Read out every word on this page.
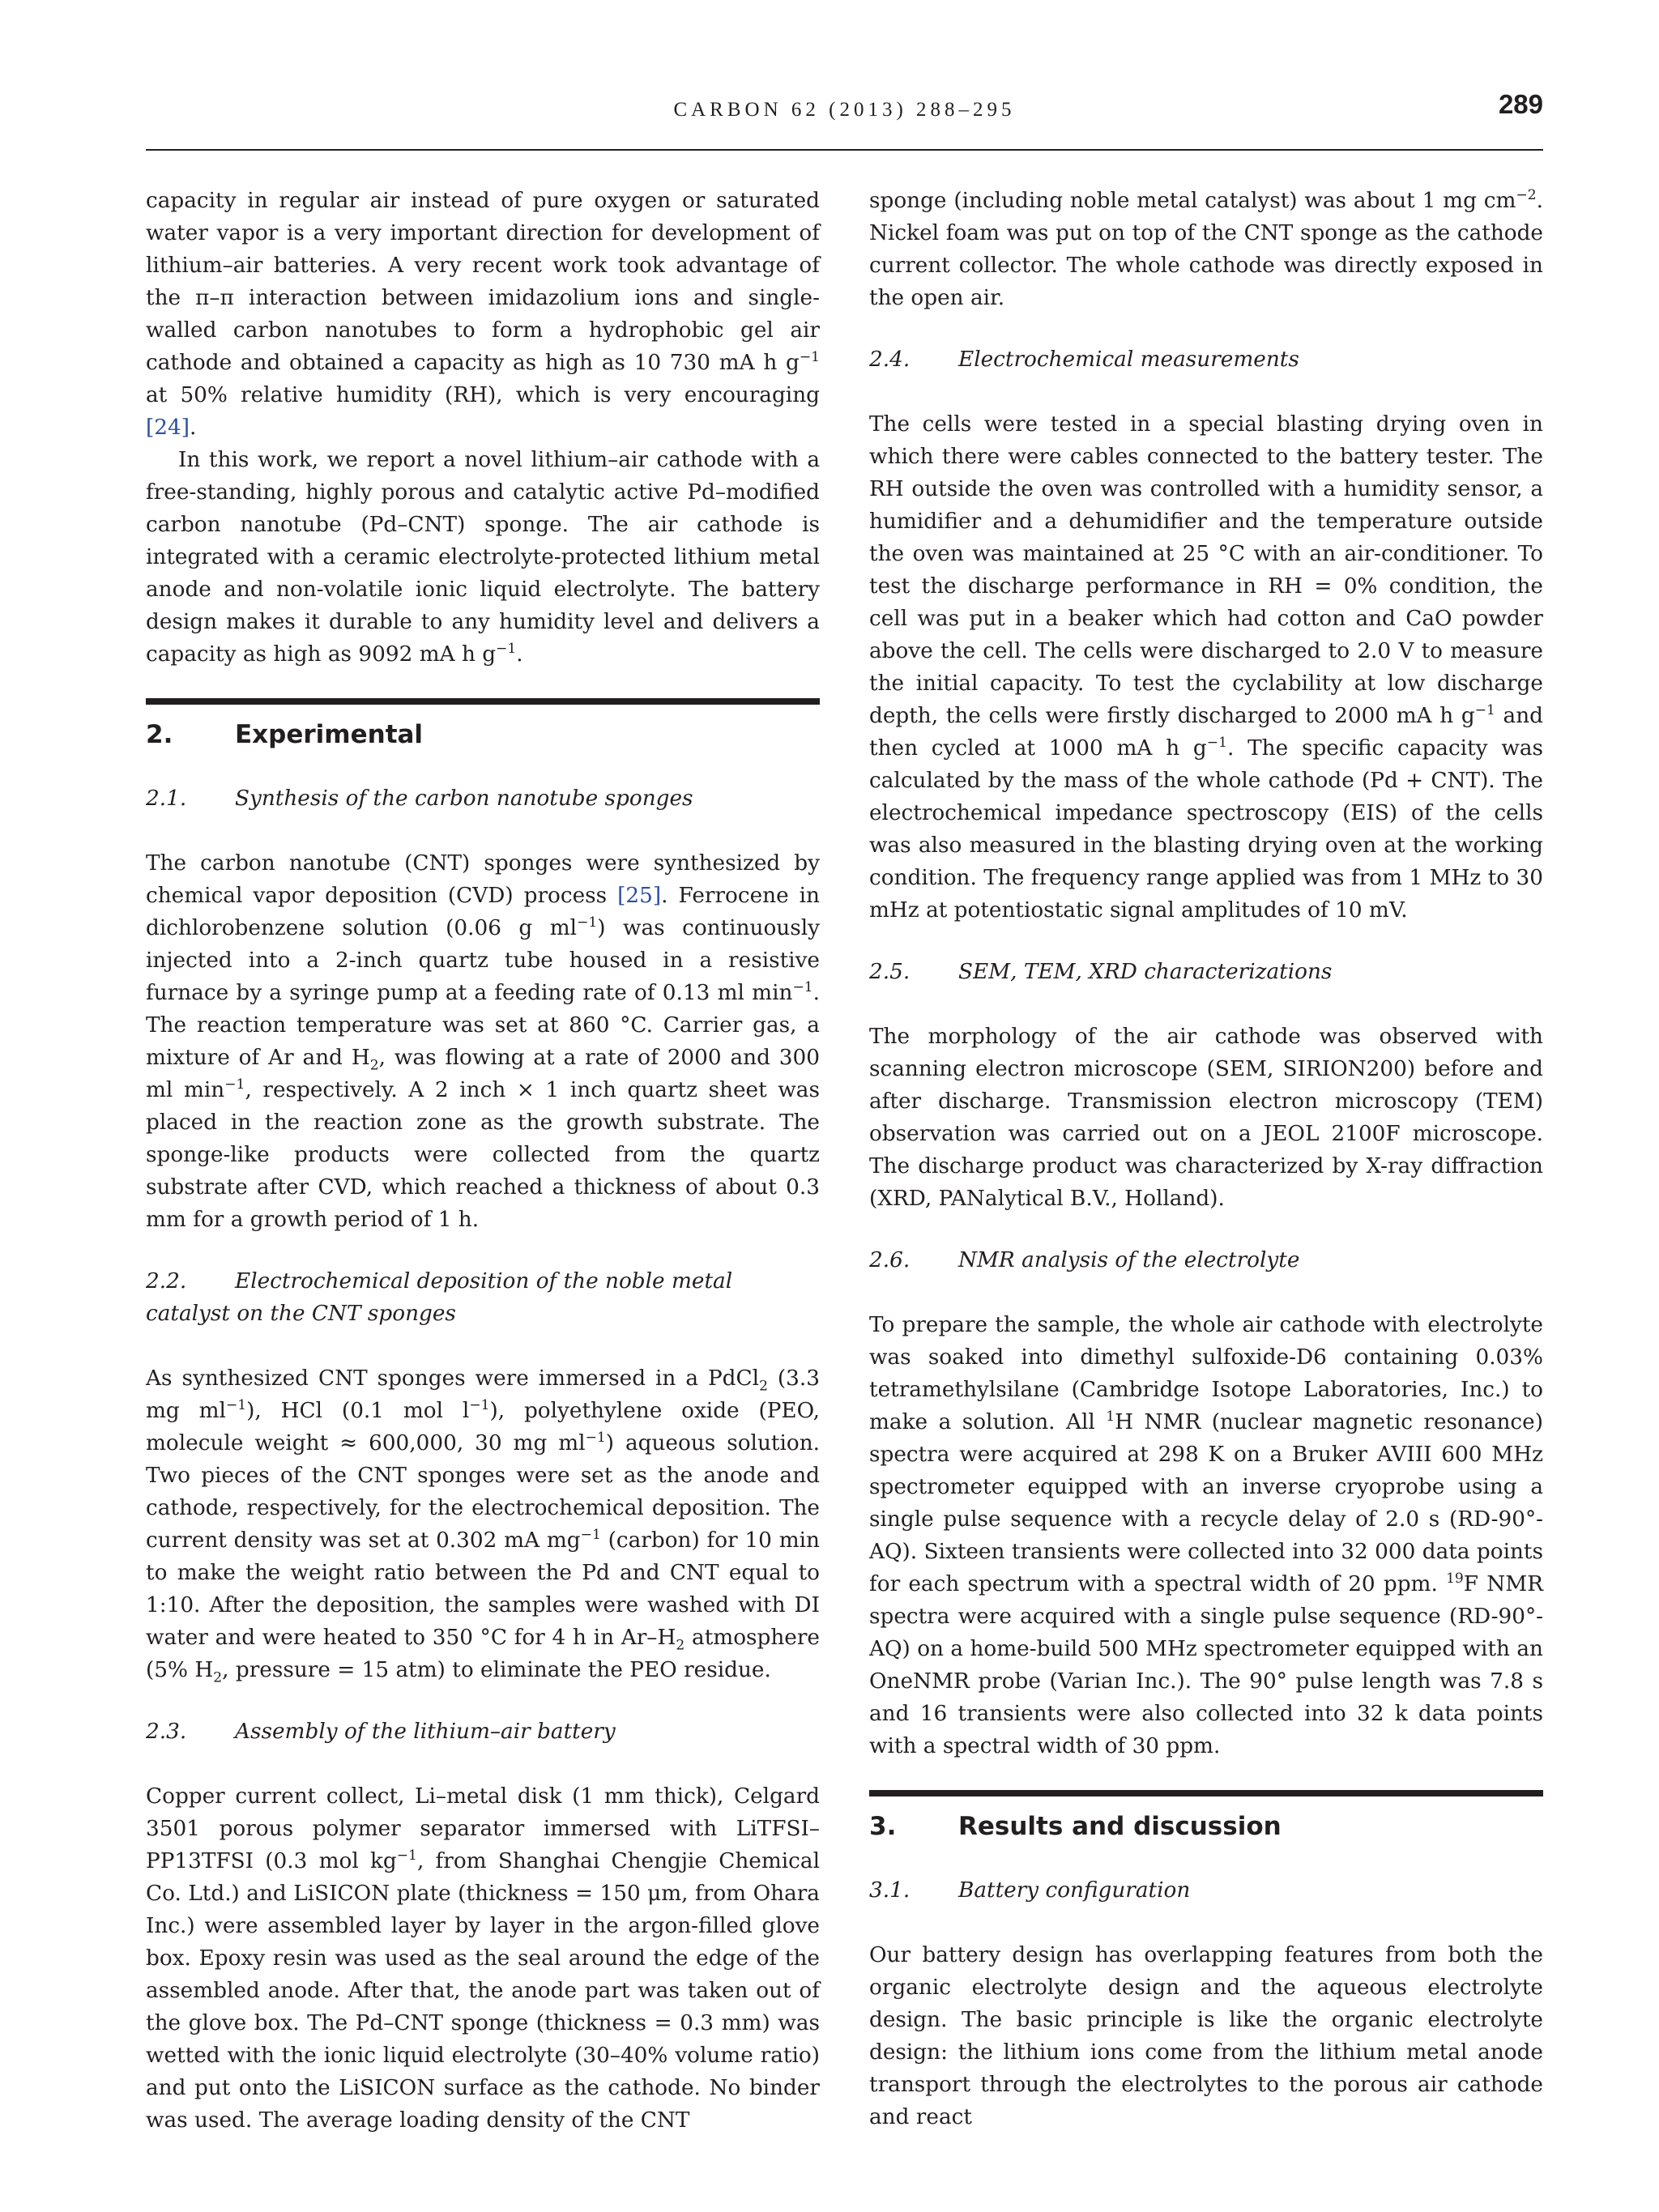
CARBON 62 (2013) 288–295	289

capacity in regular air instead of pure oxygen or saturated water vapor is a very important direction for development of lithium–air batteries. A very recent work took advantage of the π–π interaction between imidazolium ions and single-walled carbon nanotubes to form a hydrophobic gel air cathode and obtained a capacity as high as 10 730 mA h $g^{-1}$ at 50% relative humidity (RH), which is very encouraging [24].

In this work, we report a novel lithium–air cathode with a free-standing, highly porous and catalytic active Pd–modified carbon nanotube (Pd–CNT) sponge. The air cathode is integrated with a ceramic electrolyte-protected lithium metal anode and non-volatile ionic liquid electrolyte. The battery design makes it durable to any humidity level and delivers a capacity as high as 9092 mA h $g^{-1}$.

2. Experimental
2.1. Synthesis of the carbon nanotube sponges

The carbon nanotube (CNT) sponges were synthesized by chemical vapor deposition (CVD) process [25]. Ferrocene in dichlorobenzene solution (0.06 g $ml^{-1}$) was continuously injected into a 2-inch quartz tube housed in a resistive furnace by a syringe pump at a feeding rate of 0.13 ml $\min^{-1}$. The reaction temperature was set at 860 °C. Carrier gas, a mixture of Ar and $H_2$, was flowing at a rate of 2000 and 300 ml $\min^{-1}$, respectively. A 2 inch × 1 inch quartz sheet was placed in the reaction zone as the growth substrate. The sponge-like products were collected from the quartz substrate after CVD, which reached a thickness of about 0.3 mm for a growth period of 1 h.

2.2. Electrochemical deposition of the noble metal catalyst on the CNT sponges

As synthesized CNT sponges were immersed in a PdCl$_2$ (3.3 mg $ml^{-1}$), HCl (0.1 mol $l^{-1}$), polyethylene oxide (PEO, molecule weight ≈ 600,000, 30 mg $ml^{-1}$) aqueous solution. Two pieces of the CNT sponges were set as the anode and cathode, respectively, for the electrochemical deposition. The current density was set at 0.302 mA $mg^{-1}$ (carbon) for 10 min to make the weight ratio between the Pd and CNT equal to 1:10. After the deposition, the samples were washed with DI water and were heated to 350 °C for 4 h in $Ar-H_2$ atmosphere (5% $H_2$, pressure = 15 atm) to eliminate the PEO residue.

2.3. Assembly of the lithium–air battery

Copper current collect, Li–metal disk (1 mm thick), Celgard 3501 porous polymer separator immersed with LiTFSI–PP13TFSI (0.3 mol $kg^{-1}$, from Shanghai Chengjie Chemical Co. Ltd.) and LiSICON plate (thickness = 150 μm, from Ohara Inc.) were assembled layer by layer in the argon-filled glove box. Epoxy resin was used as the seal around the edge of the assembled anode. After that, the anode part was taken out of the glove box. The Pd–CNT sponge (thickness = 0.3 mm) was wetted with the ionic liquid electrolyte (30–40% volume ratio) and put onto the LiSICON surface as the cathode. No binder was used. The average loading density of the CNT

sponge (including noble metal catalyst) was about 1 mg $cm^{-2}$. Nickel foam was put on top of the CNT sponge as the cathode current collector. The whole cathode was directly exposed in the open air.

2.4. Electrochemical measurements

The cells were tested in a special blasting drying oven in which there were cables connected to the battery tester. The RH outside the oven was controlled with a humidity sensor, a humidifier and a dehumidifier and the temperature outside the oven was maintained at 25 °C with an air-conditioner. To test the discharge performance in RH = 0% condition, the cell was put in a beaker which had cotton and CaO powder above the cell. The cells were discharged to 2.0 V to measure the initial capacity. To test the cyclability at low discharge depth, the cells were firstly discharged to 2000 mA h $g^{-1}$ and then cycled at 1000 mA h $g^{-1}$. The specific capacity was calculated by the mass of the whole cathode (Pd + CNT). The electrochemical impedance spectroscopy (EIS) of the cells was also measured in the blasting drying oven at the working condition. The frequency range applied was from 1 MHz to 30 mHz at potentiostatic signal amplitudes of 10 mV.

2.5. SEM, TEM, XRD characterizations

The morphology of the air cathode was observed with scanning electron microscope (SEM, SIRION200) before and after discharge. Transmission electron microscopy (TEM) observation was carried out on a JEOL 2100F microscope. The discharge product was characterized by X-ray diffraction (XRD, PANalytical B.V., Holland).

2.6. NMR analysis of the electrolyte

To prepare the sample, the whole air cathode with electrolyte was soaked into dimethyl sulfoxide-D6 containing 0.03% tetramethylsilane (Cambridge Isotope Laboratories, Inc.) to make a solution. All $^1$H NMR (nuclear magnetic resonance) spectra were acquired at 298 K on a Bruker AVIII 600 MHz spectrometer equipped with an inverse cryoprobe using a single pulse sequence with a recycle delay of 2.0 s (RD-90°-AQ). Sixteen transients were collected into 32 000 data points for each spectrum with a spectral width of 20 ppm. $^{19}$F NMR spectra were acquired with a single pulse sequence (RD-90°-AQ) on a home-build 500 MHz spectrometer equipped with an OneNMR probe (Varian Inc.). The 90° pulse length was 7.8 s and 16 transients were also collected into 32 k data points with a spectral width of 30 ppm.

3. Results and discussion
3.1. Battery configuration

Our battery design has overlapping features from both the organic electrolyte design and the aqueous electrolyte design. The basic principle is like the organic electrolyte design: the lithium ions come from the lithium metal anode transport through the electrolytes to the porous air cathode and react
